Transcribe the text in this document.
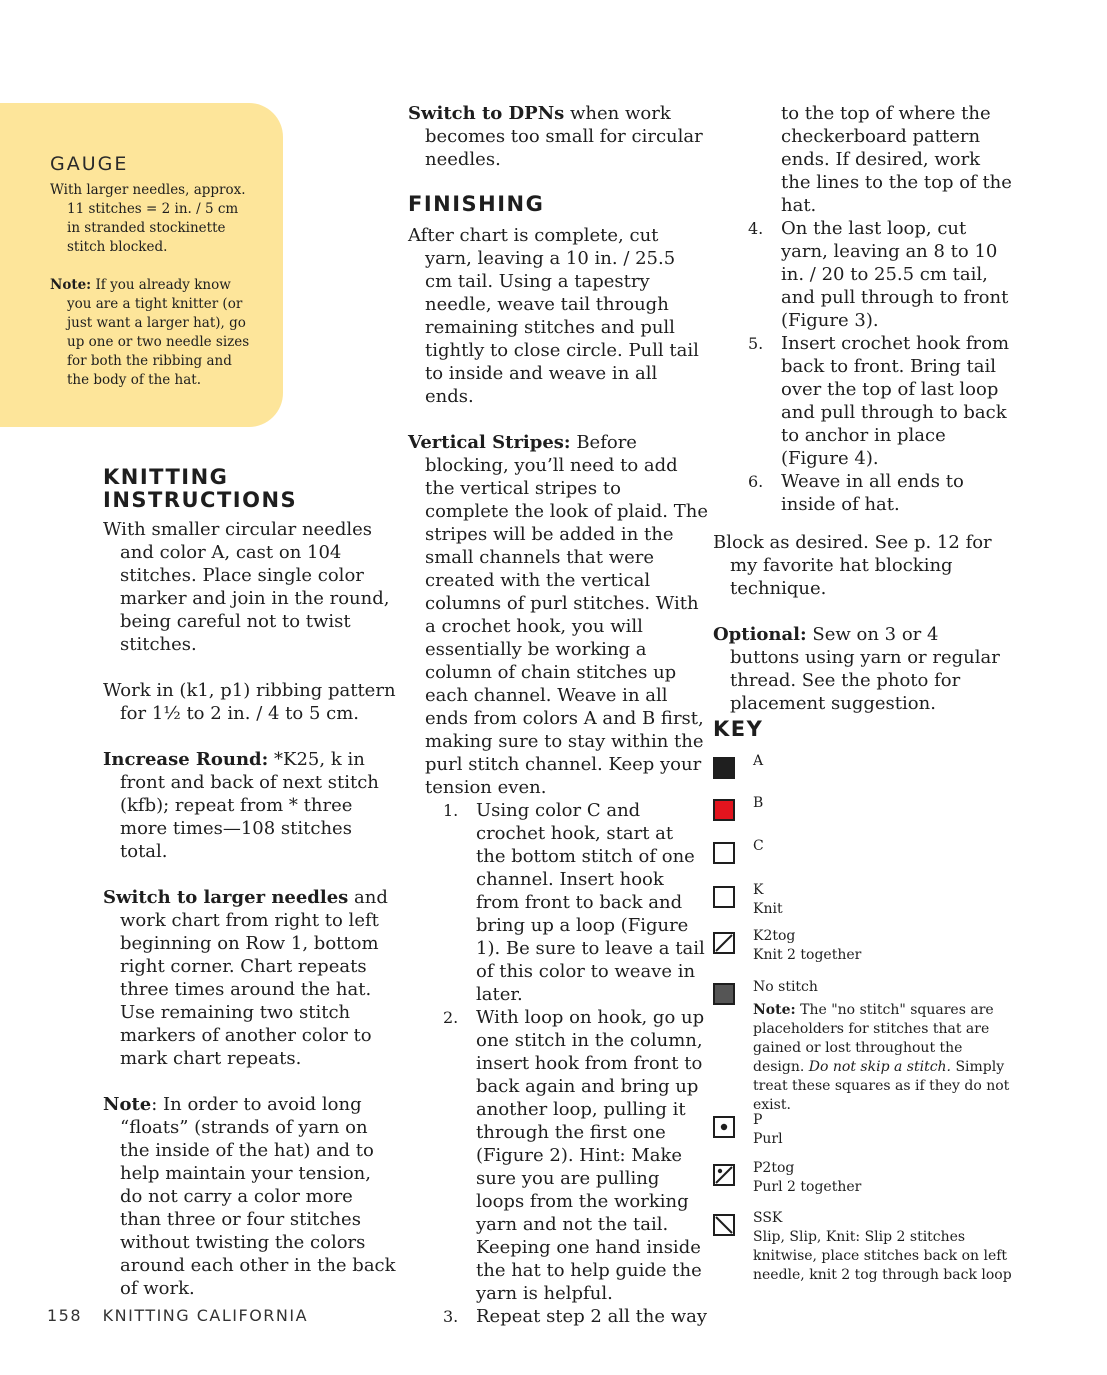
GAUGE

With larger needles, approx. 11 stitches = 2 in. / 5 cm in stranded stockinette stitch blocked.

Note: If you already know you are a tight knitter (or just want a larger hat), go up one or two needle sizes for both the ribbing and the body of the hat.

KNITTING INSTRUCTIONS

With smaller circular needles and color A, cast on 104 stitches. Place single color marker and join in the round, being careful not to twist stitches.

Work in (k1, p1) ribbing pattern for 1½ to 2 in. / 4 to 5 cm.

Increase Round: *K25, k in front and back of next stitch (kfb); repeat from * three more times—108 stitches total.

Switch to larger needles and work chart from right to left beginning on Row 1, bottom right corner. Chart repeats three times around the hat. Use remaining two stitch markers of another color to mark chart repeats.

Note: In order to avoid long “floats” (strands of yarn on the inside of the hat) and to help maintain your tension, do not carry a color more than three or four stitches without twisting the colors around each other in the back of work.

Switch to DPNs when work becomes too small for circular needles.

FINISHING

After chart is complete, cut yarn, leaving a 10 in. / 25.5 cm tail. Using a tapestry needle, weave tail through remaining stitches and pull tightly to close circle. Pull tail to inside and weave in all ends.

Vertical Stripes: Before blocking, you’ll need to add the vertical stripes to complete the look of plaid. The stripes will be added in the small channels that were created with the vertical columns of purl stitches. With a crochet hook, you will essentially be working a column of chain stitches up each channel. Weave in all ends from colors A and B first, making sure to stay within the purl stitch channel. Keep your tension even.

1. Using color C and crochet hook, start at the bottom stitch of one channel. Insert hook from front to back and bring up a loop (Figure 1). Be sure to leave a tail of this color to weave in later.
2. With loop on hook, go up one stitch in the column, insert hook from front to back again and bring up another loop, pulling it through the first one (Figure 2). Hint: Make sure you are pulling loops from the working yarn and not the tail. Keeping one hand inside the hat to help guide the yarn is helpful.
3. Repeat step 2 all the way
to the top of where the checkerboard pattern ends. If desired, work the lines to the top of the hat.
4. On the last loop, cut yarn, leaving an 8 to 10 in. / 20 to 25.5 cm tail, and pull through to front (Figure 3).
5. Insert crochet hook from back to front. Bring tail over the top of last loop and pull through to back to anchor in place (Figure 4).
6. Weave in all ends to inside of hat.

Block as desired. See p. 12 for my favorite hat blocking technique.

Optional: Sew on 3 or 4 buttons using yarn or regular thread. See the photo for placement suggestion.

KEY

A

B

C

K

Knit

K2tog

Knit 2 together

No stitch

Note: The "no stitch" squares are placeholders for stitches that are gained or lost throughout the design. Do not skip a stitch. Simply treat these squares as if they do not exist.

P

Purl

P2tog

Purl 2 together

SSK

Slip, Slip, Knit: Slip 2 stitches knitwise, place stitches back on left needle, knit 2 tog through back loop

158 KNITTING CALIFORNIA
